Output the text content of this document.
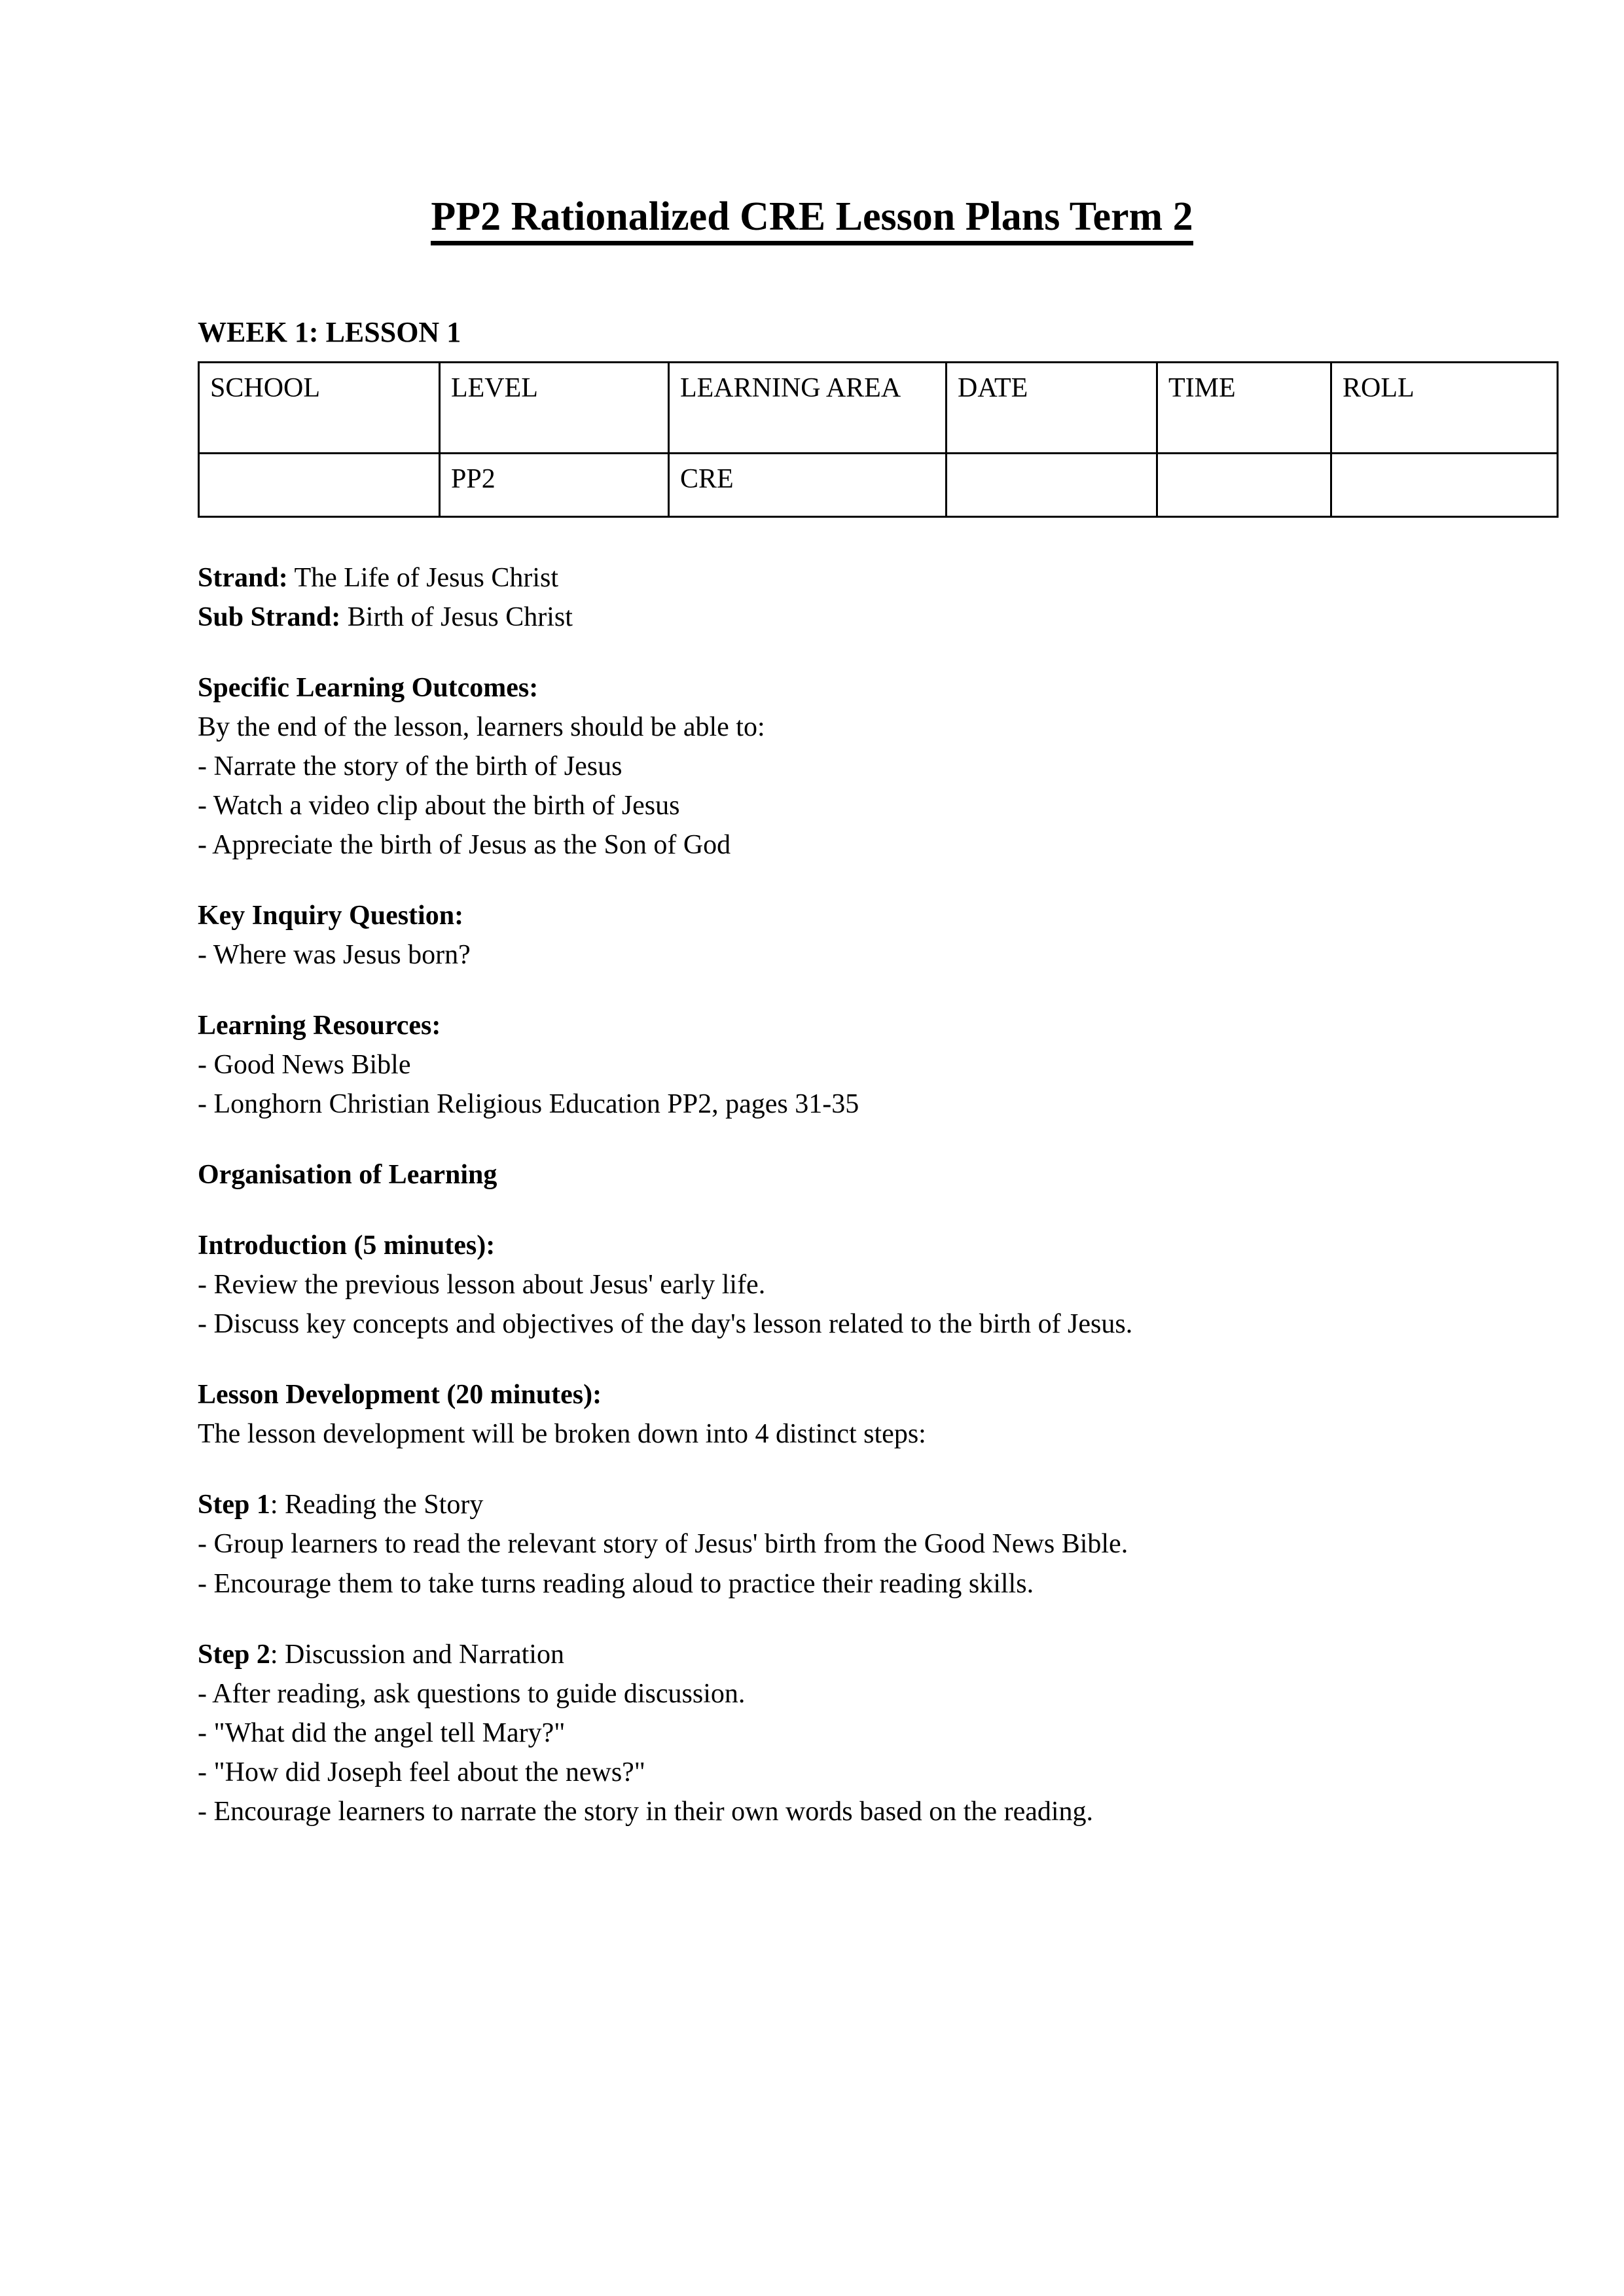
PP2 Rationalized CRE Lesson Plans Term 2
WEEK 1: LESSON 1
SCHOOL	LEVEL	LEARNING AREA	DATE	TIME	ROLL
	PP2	CRE			
Strand: The Life of Jesus Christ
Sub Strand: Birth of Jesus Christ
Specific Learning Outcomes:
By the end of the lesson, learners should be able to:
- Narrate the story of the birth of Jesus
- Watch a video clip about the birth of Jesus
- Appreciate the birth of Jesus as the Son of God
Key Inquiry Question:
- Where was Jesus born?
Learning Resources:
- Good News Bible
- Longhorn Christian Religious Education PP2, pages 31-35
Organisation of Learning
Introduction (5 minutes):
- Review the previous lesson about Jesus' early life.
- Discuss key concepts and objectives of the day's lesson related to the birth of Jesus.
Lesson Development (20 minutes):
The lesson development will be broken down into 4 distinct steps:
Step 1: Reading the Story
- Group learners to read the relevant story of Jesus' birth from the Good News Bible.
- Encourage them to take turns reading aloud to practice their reading skills.
Step 2: Discussion and Narration
- After reading, ask questions to guide discussion.
- "What did the angel tell Mary?"
- "How did Joseph feel about the news?"
- Encourage learners to narrate the story in their own words based on the reading.
